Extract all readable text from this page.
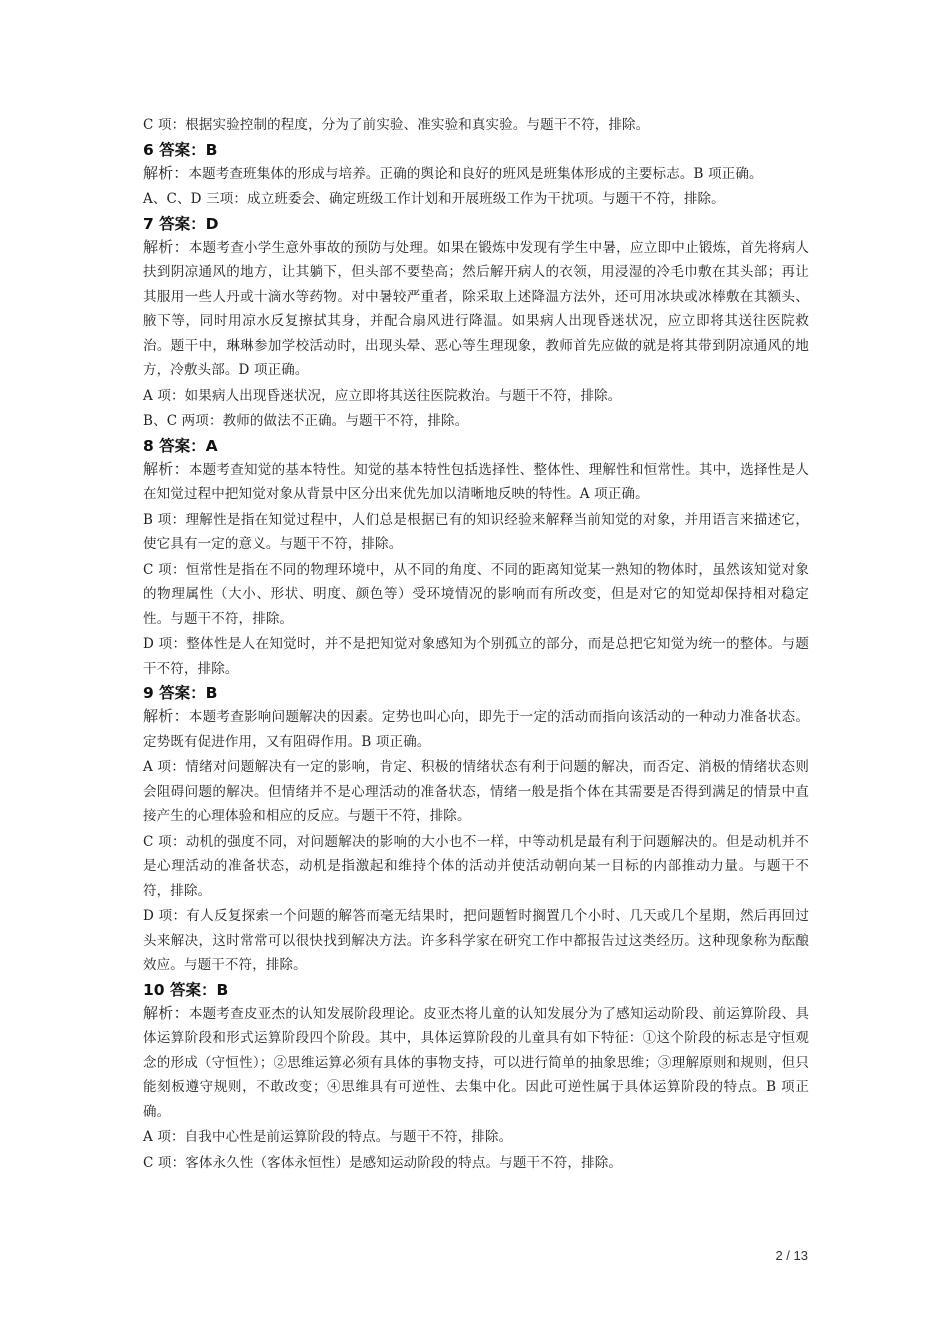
C 项：根据实验控制的程度，分为了前实验、准实验和真实验。与题干不符，排除。
6 答案：B
解析：本题考查班集体的形成与培养。正确的舆论和良好的班风是班集体形成的主要标志。B 项正确。
A、C、D 三项：成立班委会、确定班级工作计划和开展班级工作为干扰项。与题干不符，排除。
7 答案：D
解析：本题考查小学生意外事故的预防与处理。如果在锻炼中发现有学生中暑，应立即中止锻炼，首先将病人扶到阴凉通风的地方，让其躺下，但头部不要垫高；然后解开病人的衣领，用浸湿的冷毛巾敷在其头部；再让其服用一些人丹或十滴水等药物。对中暑较严重者，除采取上述降温方法外，还可用冰块或冰棒敷在其额头、腋下等，同时用凉水反复擦拭其身，并配合扇风进行降温。如果病人出现昏迷状况，应立即将其送往医院救治。题干中，琳琳参加学校活动时，出现头晕、恶心等生理现象，教师首先应做的就是将其带到阴凉通风的地方，冷敷头部。D 项正确。
A 项：如果病人出现昏迷状况，应立即将其送往医院救治。与题干不符，排除。
B、C 两项：教师的做法不正确。与题干不符，排除。
8 答案：A
解析：本题考查知觉的基本特性。知觉的基本特性包括选择性、整体性、理解性和恒常性。其中，选择性是人在知觉过程中把知觉对象从背景中区分出来优先加以清晰地反映的特性。A 项正确。
B 项：理解性是指在知觉过程中，人们总是根据已有的知识经验来解释当前知觉的对象，并用语言来描述它，使它具有一定的意义。与题干不符，排除。
C 项：恒常性是指在不同的物理环境中，从不同的角度、不同的距离知觉某一熟知的物体时，虽然该知觉对象的物理属性（大小、形状、明度、颜色等）受环境情况的影响而有所改变，但是对它的知觉却保持相对稳定性。与题干不符，排除。
D 项：整体性是人在知觉时，并不是把知觉对象感知为个别孤立的部分，而是总把它知觉为统一的整体。与题干不符，排除。
9 答案：B
解析：本题考查影响问题解决的因素。定势也叫心向，即先于一定的活动而指向该活动的一种动力准备状态。定势既有促进作用，又有阻碍作用。B 项正确。
A 项：情绪对问题解决有一定的影响，肯定、积极的情绪状态有利于问题的解决，而否定、消极的情绪状态则会阻碍问题的解决。但情绪并不是心理活动的准备状态，情绪一般是指个体在其需要是否得到满足的情景中直接产生的心理体验和相应的反应。与题干不符，排除。
C 项：动机的强度不同，对问题解决的影响的大小也不一样，中等动机是最有利于问题解决的。但是动机并不是心理活动的准备状态，动机是指激起和维持个体的活动并使活动朝向某一目标的内部推动力量。与题干不符，排除。
D 项：有人反复探索一个问题的解答而毫无结果时，把问题暂时搁置几个小时、几天或几个星期，然后再回过头来解决，这时常常可以很快找到解决方法。许多科学家在研究工作中都报告过这类经历。这种现象称为酝酿效应。与题干不符，排除。
10 答案：B
解析：本题考查皮亚杰的认知发展阶段理论。皮亚杰将儿童的认知发展分为了感知运动阶段、前运算阶段、具体运算阶段和形式运算阶段四个阶段。其中，具体运算阶段的儿童具有如下特征：①这个阶段的标志是守恒观念的形成（守恒性）；②思维运算必须有具体的事物支持，可以进行简单的抽象思维；③理解原则和规则，但只能刻板遵守规则，不敢改变；④思维具有可逆性、去集中化。因此可逆性属于具体运算阶段的特点。B 项正确。
A 项：自我中心性是前运算阶段的特点。与题干不符，排除。
C 项：客体永久性（客体永恒性）是感知运动阶段的特点。与题干不符，排除。
2 / 13
